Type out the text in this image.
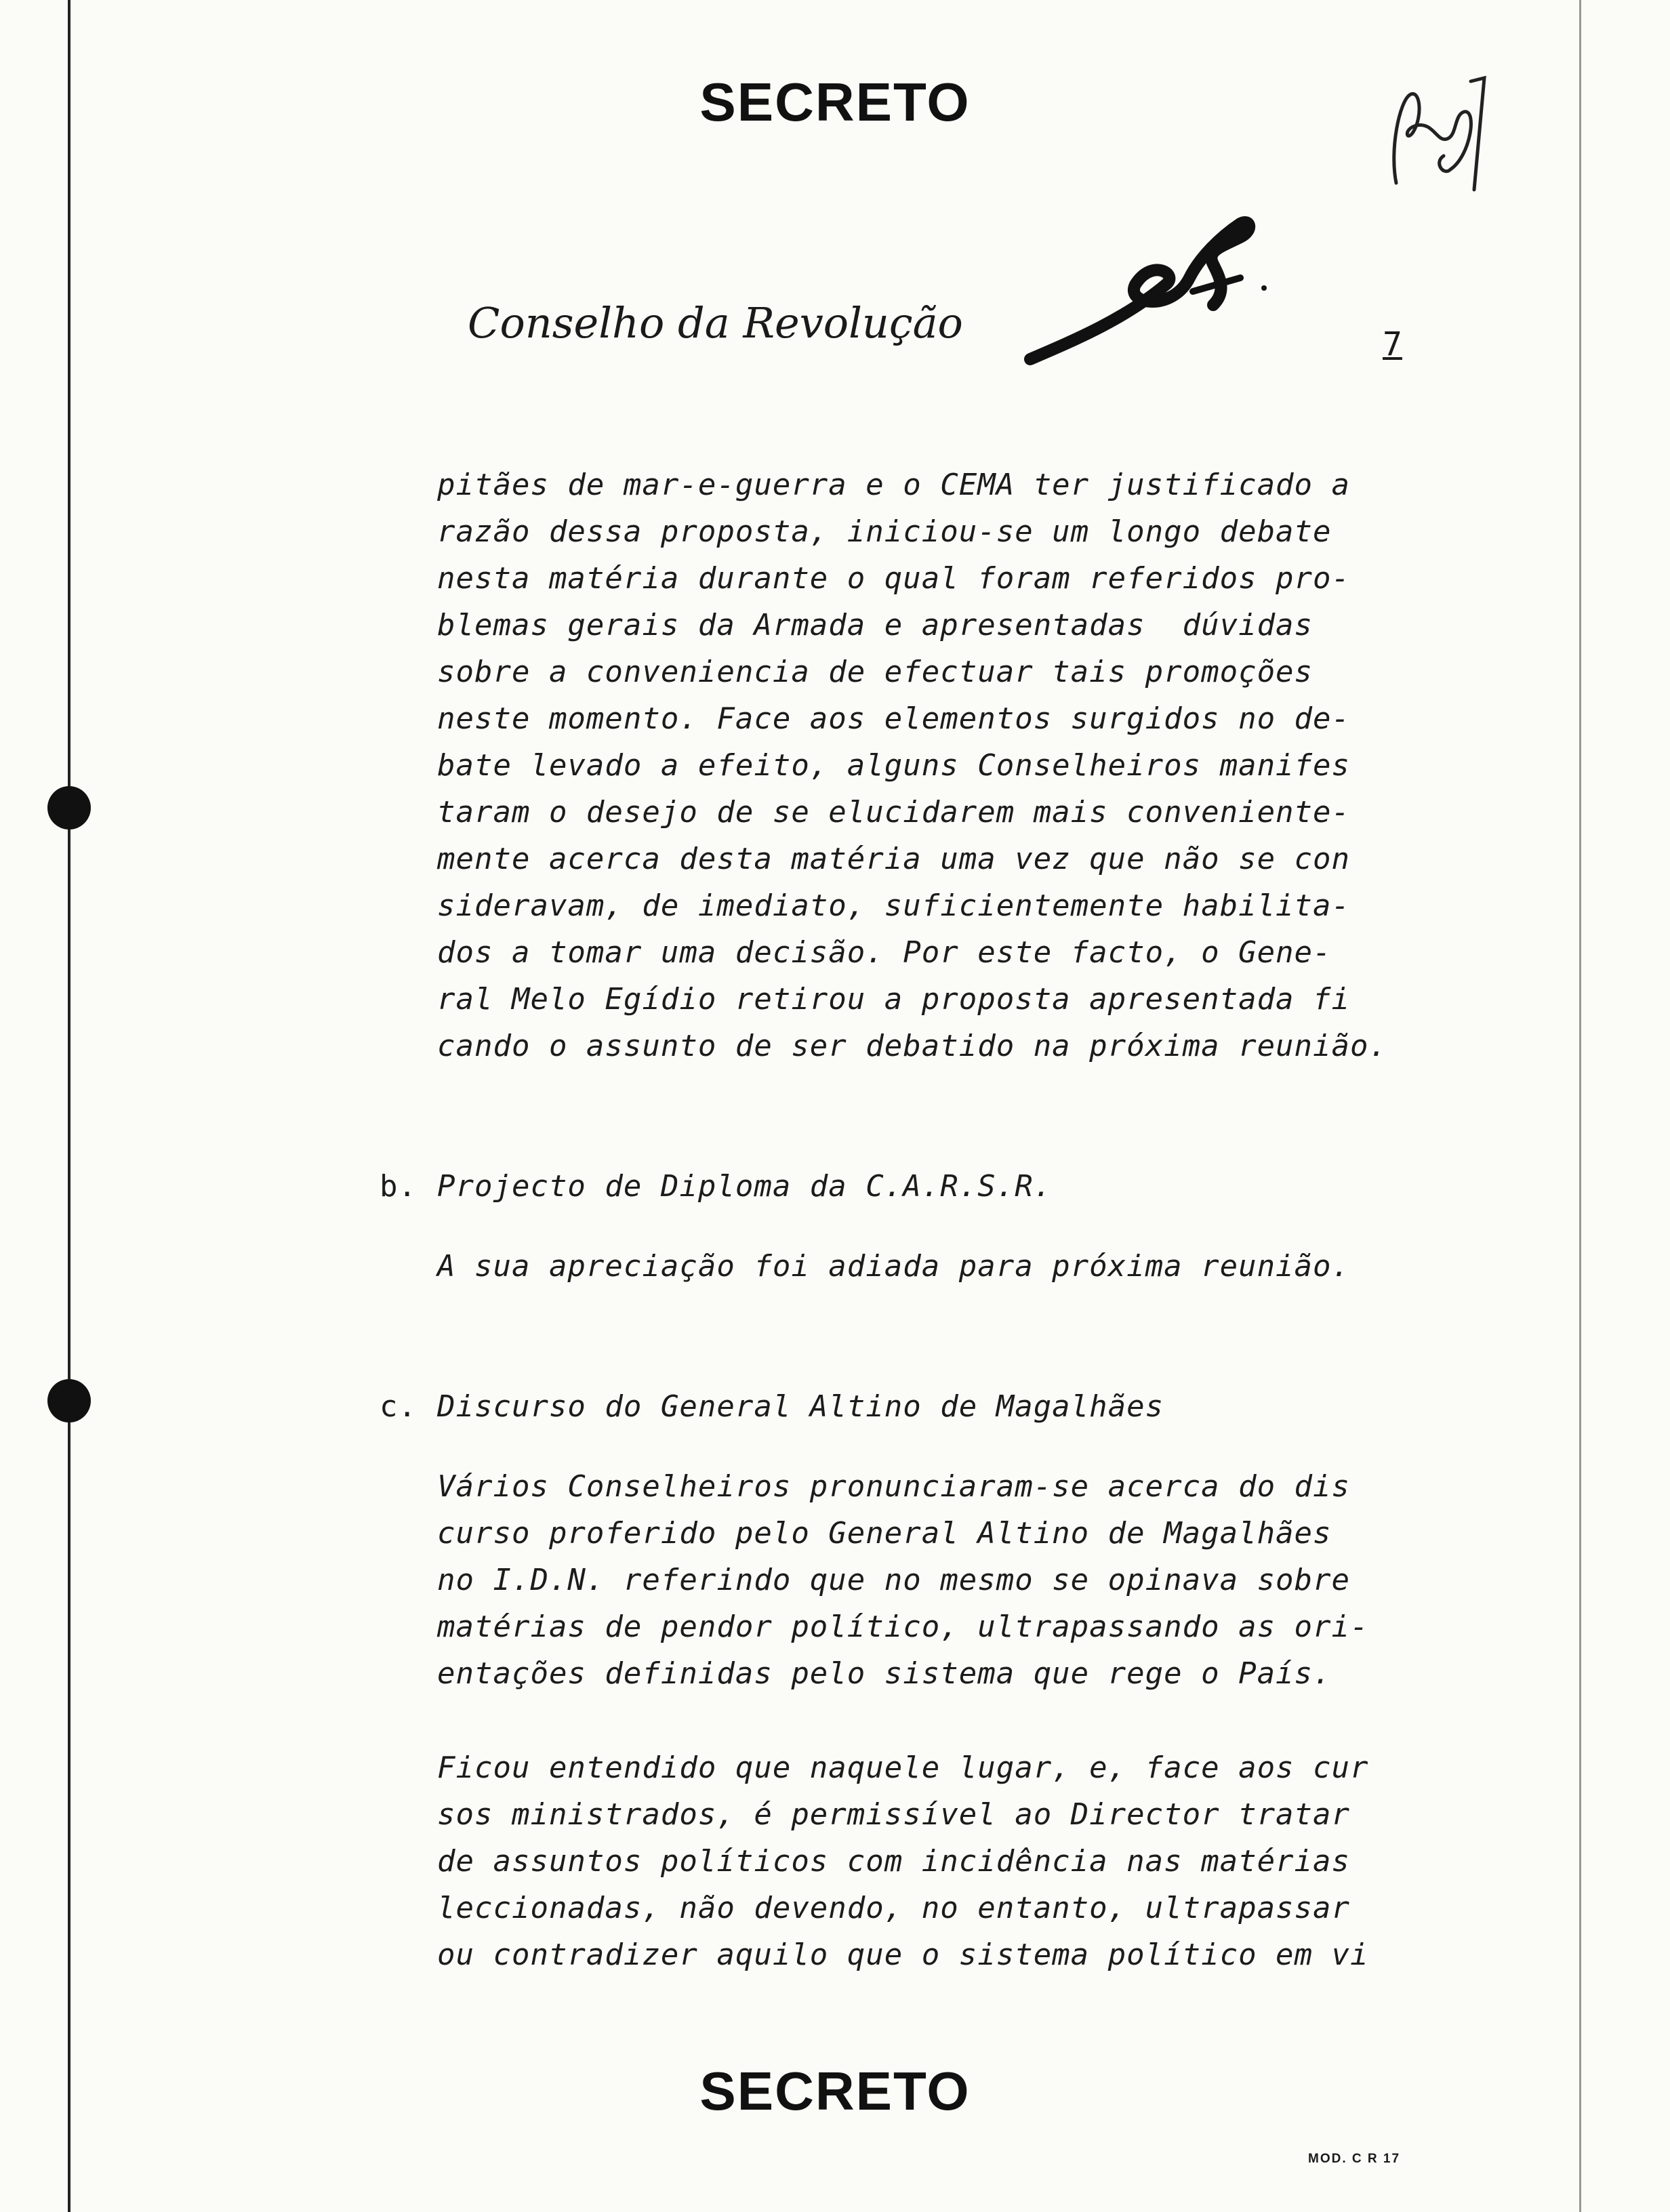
SECRETO
Conselho da Revolução	7
pitães de mar-e-guerra e o CEMA ter justificado a
razão dessa proposta, iniciou-se um longo debate
nesta matéria durante o qual foram referidos pro-
blemas gerais da Armada e apresentadas  dúvidas
sobre a conveniencia de efectuar tais promoções
neste momento. Face aos elementos surgidos no de-
bate levado a efeito, alguns Conselheiros manifes
taram o desejo de se elucidarem mais conveniente-
mente acerca desta matéria uma vez que não se con
sideravam, de imediato, suficientemente habilita-
dos a tomar uma decisão. Por este facto, o Gene-
ral Melo Egídio retirou a proposta apresentada fi
cando o assunto de ser debatido na próxima reunião.
b. Projecto de Diploma da C.A.R.S.R.
A sua apreciação foi adiada para próxima reunião.
c. Discurso do General Altino de Magalhães
Vários Conselheiros pronunciaram-se acerca do dis
curso proferido pelo General Altino de Magalhães
no I.D.N. referindo que no mesmo se opinava sobre
matérias de pendor político, ultrapassando as ori-
entações definidas pelo sistema que rege o País.
Ficou entendido que naquele lugar, e, face aos cur
sos ministrados, é permissível ao Director tratar
de assuntos políticos com incidência nas matérias
leccionadas, não devendo, no entanto, ultrapassar
ou contradizer aquilo que o sistema político em vi
SECRETO
MOD. C R 17
